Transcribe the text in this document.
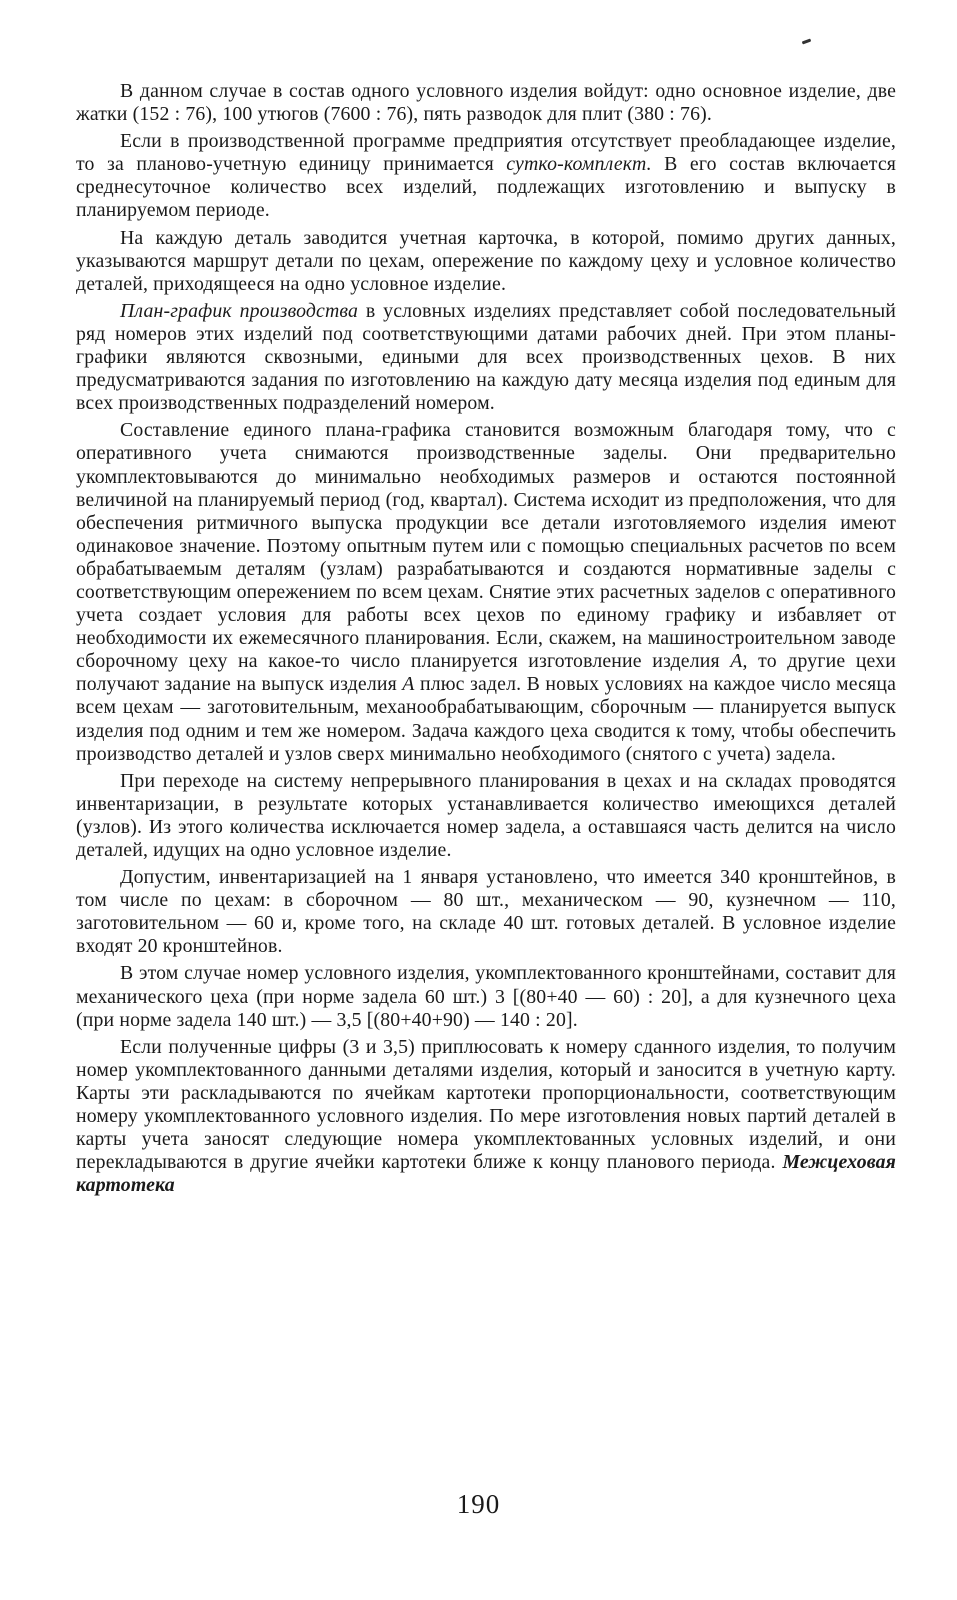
В данном случае в состав одного условного изделия войдут: одно основное изделие, две жатки (152 : 76), 100 утюгов (7600 : 76), пять разводок для плит (380 : 76).

Если в производственной программе предприятия отсутствует преобладающее изделие, то за планово-учетную единицу принимается сутко-комплект. В его состав включается среднесуточное количество всех изделий, подлежащих изготовлению и выпуску в планируемом периоде.

На каждую деталь заводится учетная карточка, в которой, помимо других данных, указываются маршрут детали по цехам, опережение по каждому цеху и условное количество деталей, приходящееся на одно условное изделие.

План-график производства в условных изделиях представляет собой последовательный ряд номеров этих изделий под соответствующими датами рабочих дней. При этом планы-графики являются сквозными, едиными для всех производственных цехов. В них предусматриваются задания по изготовлению на каждую дату месяца изделия под единым для всех производственных подразделений номером.

Составление единого плана-графика становится возможным благодаря тому, что с оперативного учета снимаются производственные заделы. Они предварительно укомплектовываются до минимально необходимых размеров и остаются постоянной величиной на планируемый период (год, квартал). Система исходит из предположения, что для обеспечения ритмичного выпуска продукции все детали изготовляемого изделия имеют одинаковое значение. Поэтому опытным путем или с помощью специальных расчетов по всем обрабатываемым деталям (узлам) разрабатываются и создаются нормативные заделы с соответствующим опережением по всем цехам. Снятие этих расчетных заделов с оперативного учета создает условия для работы всех цехов по единому графику и избавляет от необходимости их ежемесячного планирования. Если, скажем, на машиностроительном заводе сборочному цеху на какое-то число планируется изготовление изделия А, то другие цехи получают задание на выпуск изделия А плюс задел. В новых условиях на каждое число месяца всем цехам — заготовительным, механообрабатывающим, сборочным — планируется выпуск изделия под одним и тем же номером. Задача каждого цеха сводится к тому, чтобы обеспечить производство деталей и узлов сверх минимально необходимого (снятого с учета) задела.

При переходе на систему непрерывного планирования в цехах и на складах проводятся инвентаризации, в результате которых устанавливается количество имеющихся деталей (узлов). Из этого количества исключается номер задела, а оставшаяся часть делится на число деталей, идущих на одно условное изделие.

Допустим, инвентаризацией на 1 января установлено, что имеется 340 кронштейнов, в том числе по цехам: в сборочном — 80 шт., механическом — 90, кузнечном — 110, заготовительном — 60 и, кроме того, на складе 40 шт. готовых деталей. В условное изделие входят 20 кронштейнов.

В этом случае номер условного изделия, укомплектованного кронштейнами, составит для механического цеха (при норме задела 60 шт.) 3 [(80+40 — 60) : 20], а для кузнечного цеха (при норме задела 140 шт.) — 3,5 [(80+40+90) — 140 : 20].

Если полученные цифры (3 и 3,5) приплюсовать к номеру сданного изделия, то получим номер укомплектованного данными деталями изделия, который и заносится в учетную карту. Карты эти раскладываются по ячейкам картотеки пропорциональности, соответствующим номеру укомплектованного условного изделия. По мере изготовления новых партий деталей в карты учета заносят следующие номера укомплектованных условных изделий, и они перекладываются в другие ячейки картотеки ближе к концу планового периода. Межцеховая картотека

190
